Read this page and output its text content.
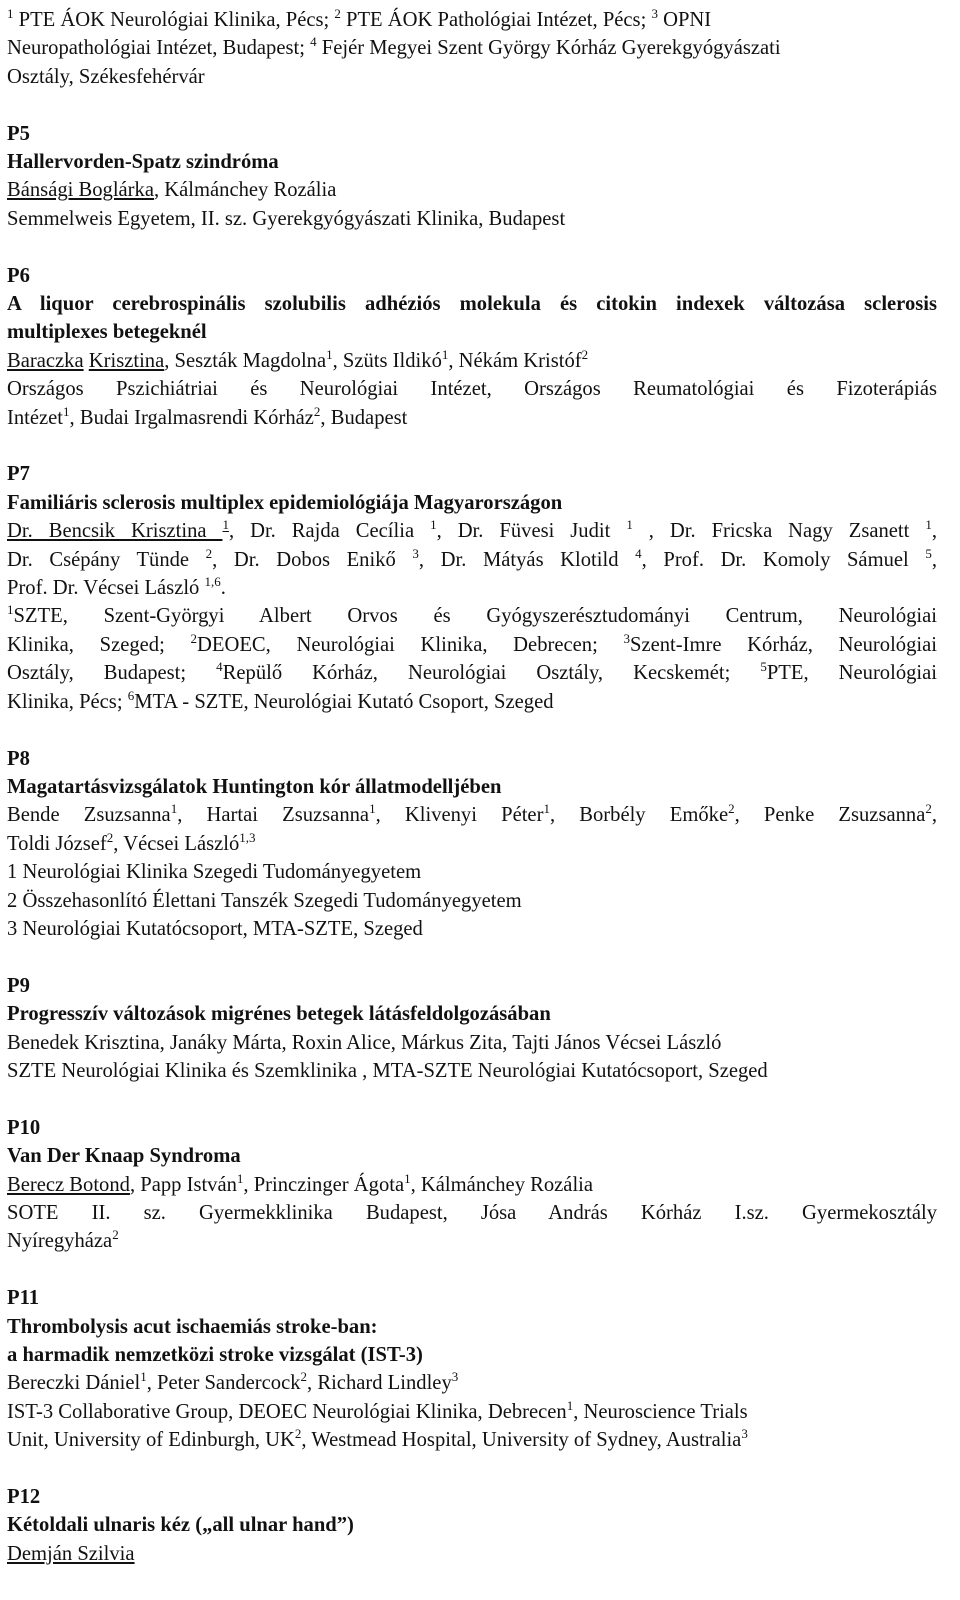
$^1$ PTE ÁOK Neurológiai Klinika, Pécs; $^2$ PTE ÁOK Pathológiai Intézet, Pécs; $^3$ OPNI

Neuropathológiai Intézet, Budapest; $^4$ Fejér Megyei Szent György Kórház Gyerekgyógyászati

Osztály, Székesfehérvár

P5

Hallervorden-Spatz szindróma

Bánsági Boglárka, Kálmánchey Rozália

Semmelweis Egyetem, II. sz. Gyerekgyógyászati Klinika, Budapest

P6

A liquor cerebrospinális szolubilis adhéziós molekula és citokin indexek változása sclerosis

multiplexes betegeknél

Baraczka Krisztina, Seszták Magdolna$^1$, Szüts Ildikó$^1$, Nékám Kristóf$^2$

Országos Pszichiátriai és Neurológiai Intézet, Országos Reumatológiai és Fizoterápiás

Intézet$^1$, Budai Irgalmasrendi Kórház$^2$, Budapest

P7

Familiáris sclerosis multiplex epidemiológiája Magyarországon

Dr. Bencsik Krisztina $^1$, Dr. Rajda Cecília $^1$, Dr. Füvesi Judit $^1$ , Dr. Fricska Nagy Zsanett $^1$,

Dr. Csépány Tünde $^2$, Dr. Dobos Enikő $^3$, Dr. Mátyás Klotild $^4$, Prof. Dr. Komoly Sámuel $^5$,

Prof. Dr. Vécsei László $^{1,6}$.

$^1$SZTE, Szent-Györgyi Albert Orvos és Gyógyszerésztudományi Centrum, Neurológiai

Klinika, Szeged; $^2$DEOEC, Neurológiai Klinika, Debrecen; $^3$Szent-Imre Kórház, Neurológiai

Osztály, Budapest; $^4$Repülő Kórház, Neurológiai Osztály, Kecskemét; $^5$PTE, Neurológiai

Klinika, Pécs; $^6$MTA - SZTE, Neurológiai Kutató Csoport, Szeged

P8

Magatartásvizsgálatok Huntington kór állatmodelljében

Bende Zsuzsanna$^1$, Hartai Zsuzsanna$^1$, Klivenyi Péter$^1$, Borbély Emőke$^2$, Penke Zsuzsanna$^2$,

Toldi József$^2$, Vécsei László$^{1,3}$

1 Neurológiai Klinika Szegedi Tudományegyetem

2 Összehasonlító Élettani Tanszék Szegedi Tudományegyetem

3 Neurológiai Kutatócsoport, MTA-SZTE, Szeged

P9

Progresszív változások migrénes betegek látásfeldolgozásában

Benedek Krisztina, Janáky Márta, Roxin Alice, Márkus Zita, Tajti János Vécsei László

SZTE Neurológiai Klinika és Szemklinika , MTA-SZTE Neurológiai Kutatócsoport, Szeged

P10

Van Der Knaap Syndroma

Berecz Botond, Papp István$^1$, Princzinger Ágota$^1$, Kálmánchey Rozália

SOTE II. sz. Gyermekklinika Budapest, Jósa András Kórház I.sz. Gyermekosztály

Nyíregyháza$^2$

P11

Thrombolysis acut ischaemiás stroke-ban:

a harmadik nemzetközi stroke vizsgálat (IST-3)

Bereczki Dániel$^1$, Peter Sandercock$^2$, Richard Lindley$^3$

IST-3 Collaborative Group, DEOEC Neurológiai Klinika, Debrecen$^1$, Neuroscience Trials

Unit, University of Edinburgh, $UK^2$, Westmead Hospital, University of Sydney, Australia$^3$

P12

Kétoldali ulnaris kéz („all ulnar hand”)

Demján Szilvia
